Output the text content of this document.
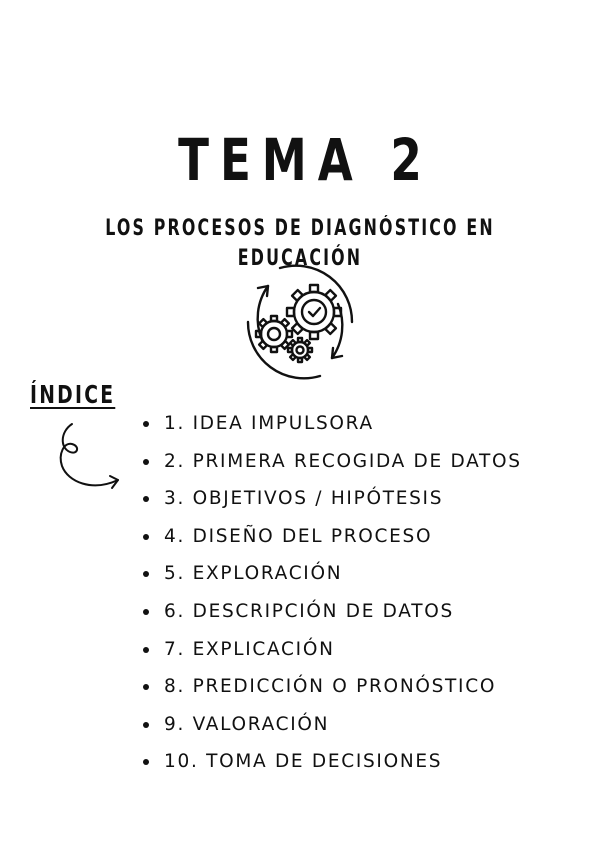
TEMA 2
LOS PROCESOS DE DIAGNÓSTICO EN EDUCACIÓN
ÍNDICE
1. IDEA IMPULSORA
2. PRIMERA RECOGIDA DE DATOS
3. OBJETIVOS / HIPÓTESIS
4. DISEÑO DEL PROCESO
5. EXPLORACIÓN
6. DESCRIPCIÓN DE DATOS
7. EXPLICACIÓN
8. PREDICCIÓN O PRONÓSTICO
9. VALORACIÓN
10. TOMA DE DECISIONES
